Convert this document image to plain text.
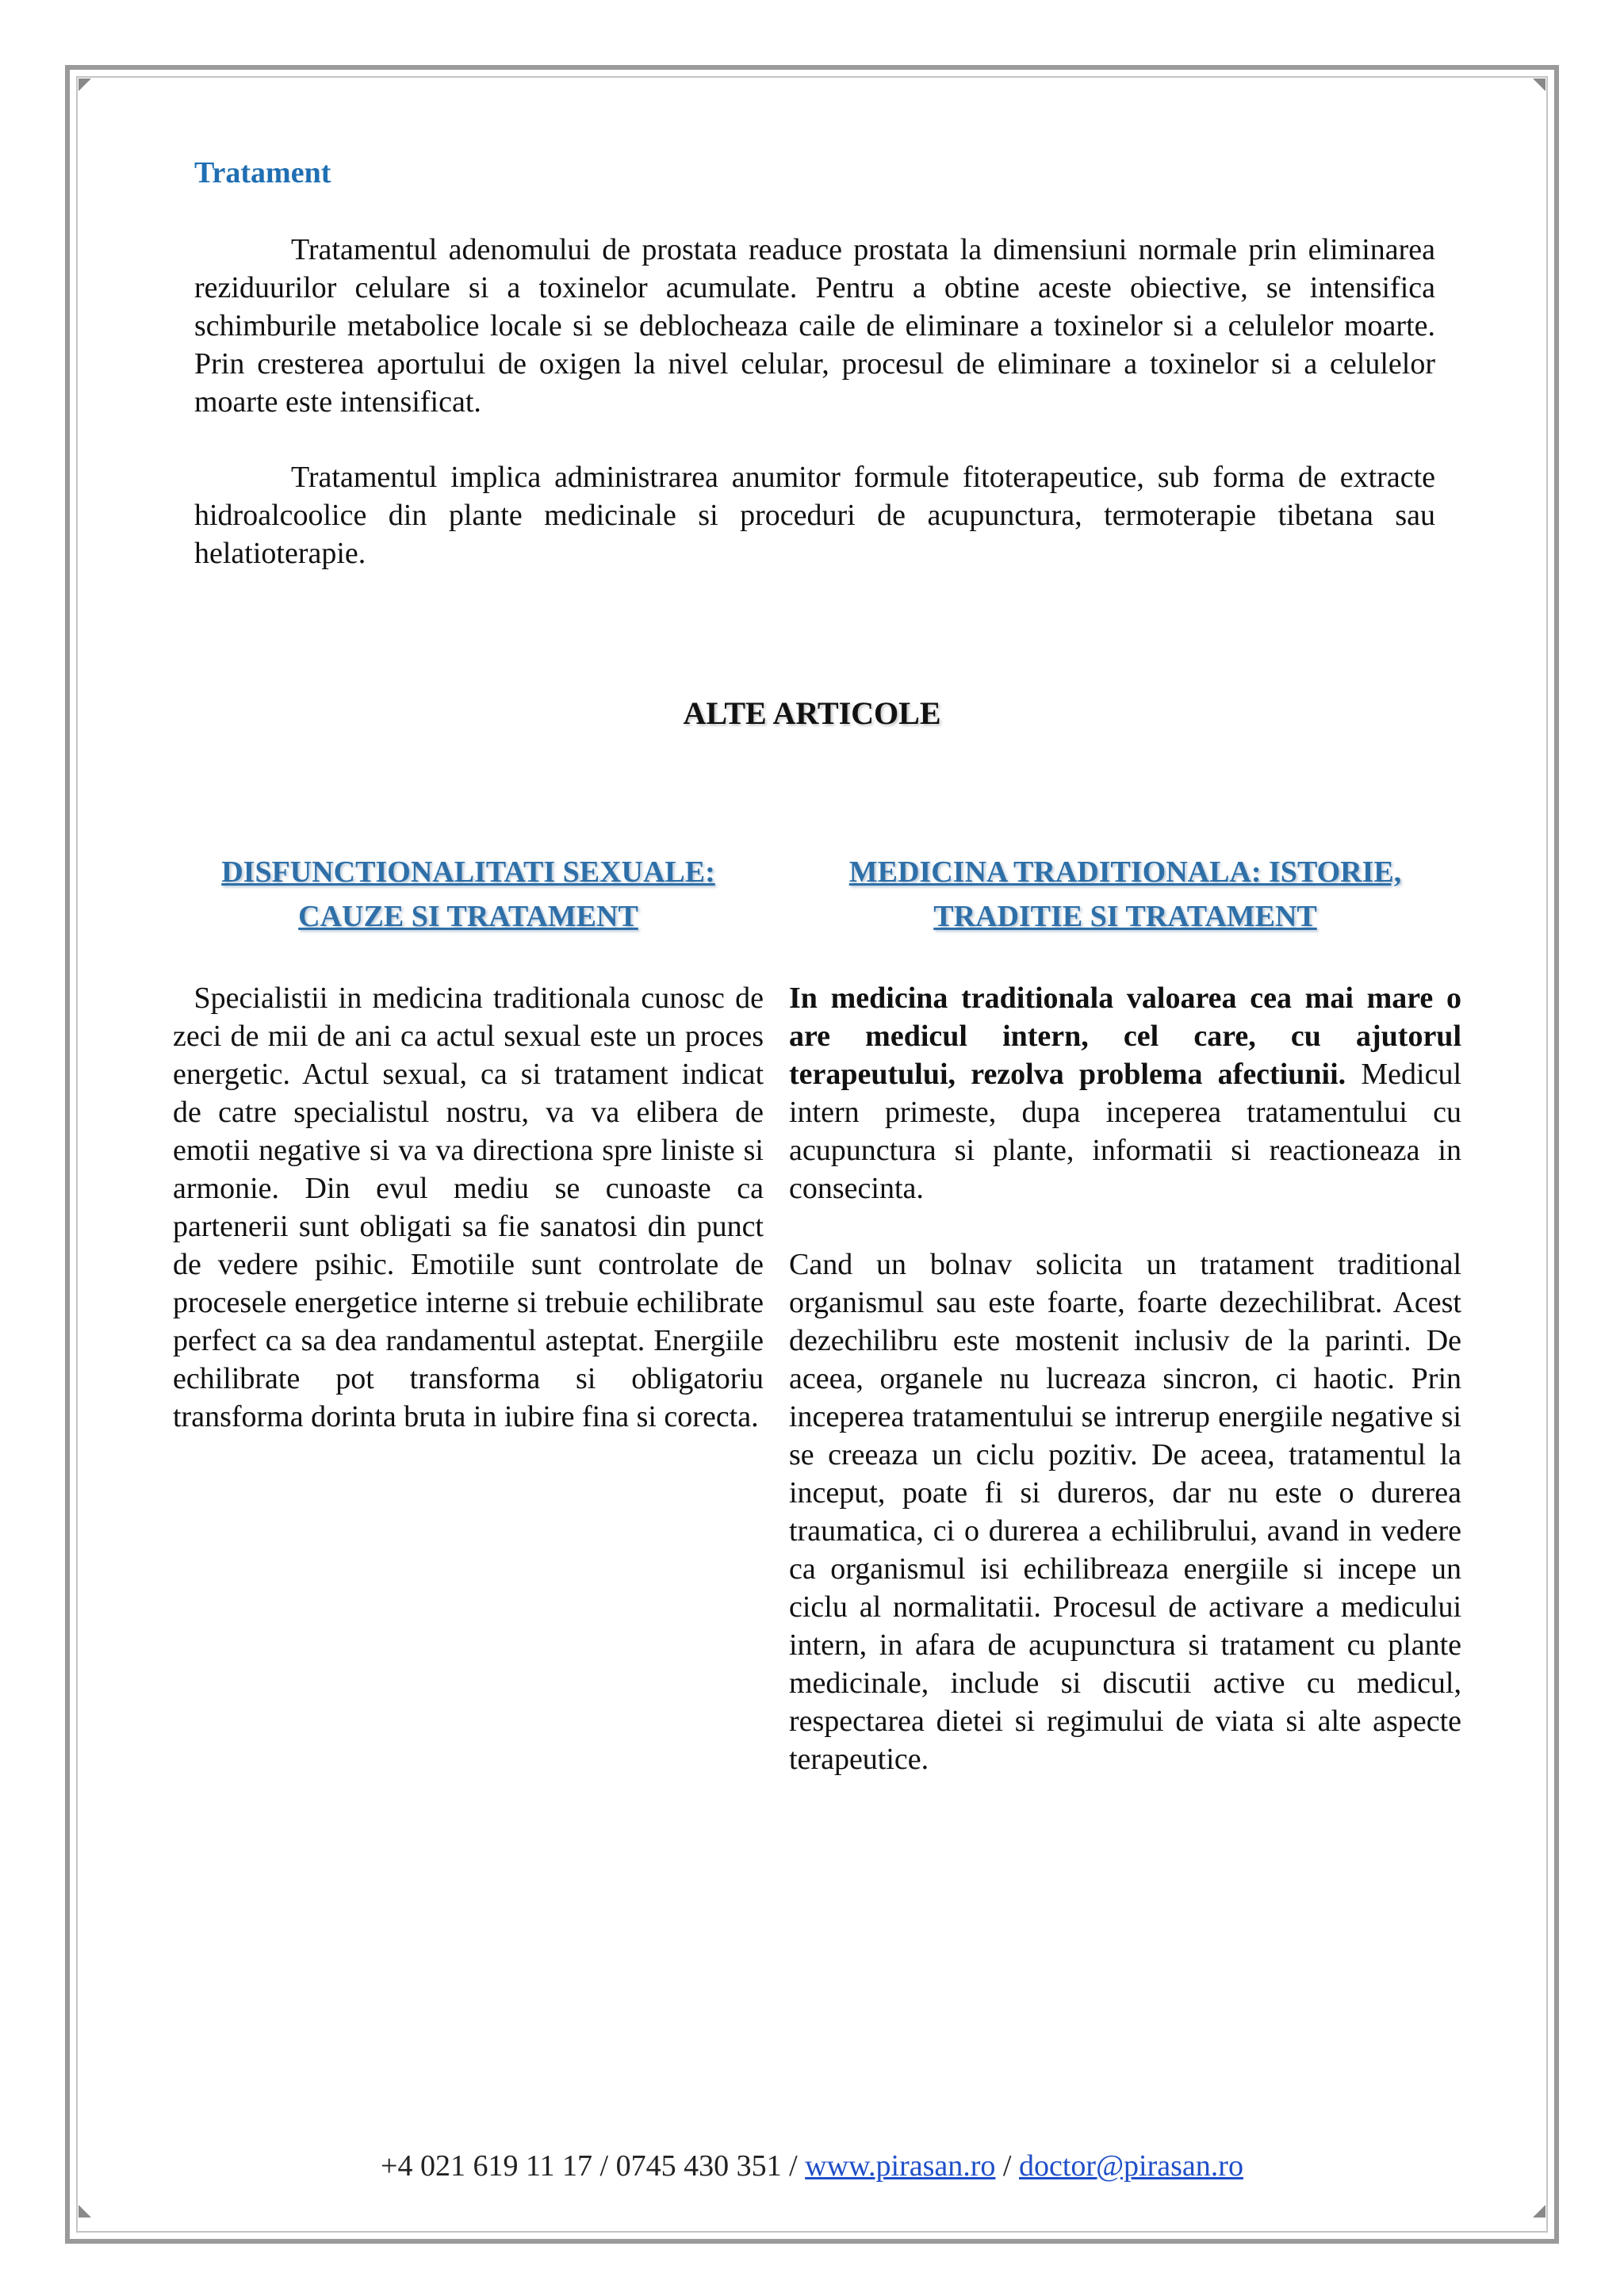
Tratament

Tratamentul adenomului de prostata readuce prostata la dimensiuni normale prin eliminarea reziduurilor celulare si a toxinelor acumulate. Pentru a obtine aceste obiective, se intensifica schimburile metabolice locale si se deblocheaza caile de eliminare a toxinelor si a celulelor moarte. Prin cresterea aportului de oxigen la nivel celular, procesul de eliminare a toxinelor si a celulelor moarte este intensificat.

Tratamentul implica administrarea anumitor formule fitoterapeutice, sub forma de extracte hidroalcoolice din plante medicinale si proceduri de acupunctura, termoterapie tibetana sau helatioterapie.

ALTE ARTICOLE
DISFUNCTIONALITATI SEXUALE:
CAUZE SI TRATAMENT
MEDICINA TRADITIONALA: ISTORIE,
TRADITIE SI TRATAMENT

Specialistii in medicina traditionala cunosc de zeci de mii de ani ca actul sexual este un proces energetic. Actul sexual, ca si tratament indicat de catre specialistul nostru, va va elibera de emotii negative si va va directiona spre liniste si armonie. Din evul mediu se cunoaste ca partenerii sunt obligati sa fie sanatosi din punct de vedere psihic. Emotiile sunt controlate de procesele energetice interne si trebuie echilibrate perfect ca sa dea randamentul asteptat. Energiile echilibrate pot transforma si obligatoriu transforma dorinta bruta in iubire fina si corecta.

In medicina traditionala valoarea cea mai mare o are medicul intern, cel care, cu ajutorul terapeutului, rezolva problema afectiunii. Medicul intern primeste, dupa inceperea tratamentului cu acupunctura si plante, informatii si reactioneaza in consecinta.

Cand un bolnav solicita un tratament traditional organismul sau este foarte, foarte dezechilibrat. Acest dezechilibru este mostenit inclusiv de la parinti. De aceea, organele nu lucreaza sincron, ci haotic. Prin inceperea tratamentului se intrerup energiile negative si se creeaza un ciclu pozitiv. De aceea, tratamentul la inceput, poate fi si dureros, dar nu este o durerea traumatica, ci o durerea a echilibrului, avand in vedere ca organismul isi echilibreaza energiile si incepe un ciclu al normalitatii. Procesul de activare a medicului intern, in afara de acupunctura si tratament cu plante medicinale, include si discutii active cu medicul, respectarea dietei si regimului de viata si alte aspecte terapeutice.

+4 021 619 11 17 / 0745 430 351 / www.pirasan.ro / doctor@pirasan.ro
